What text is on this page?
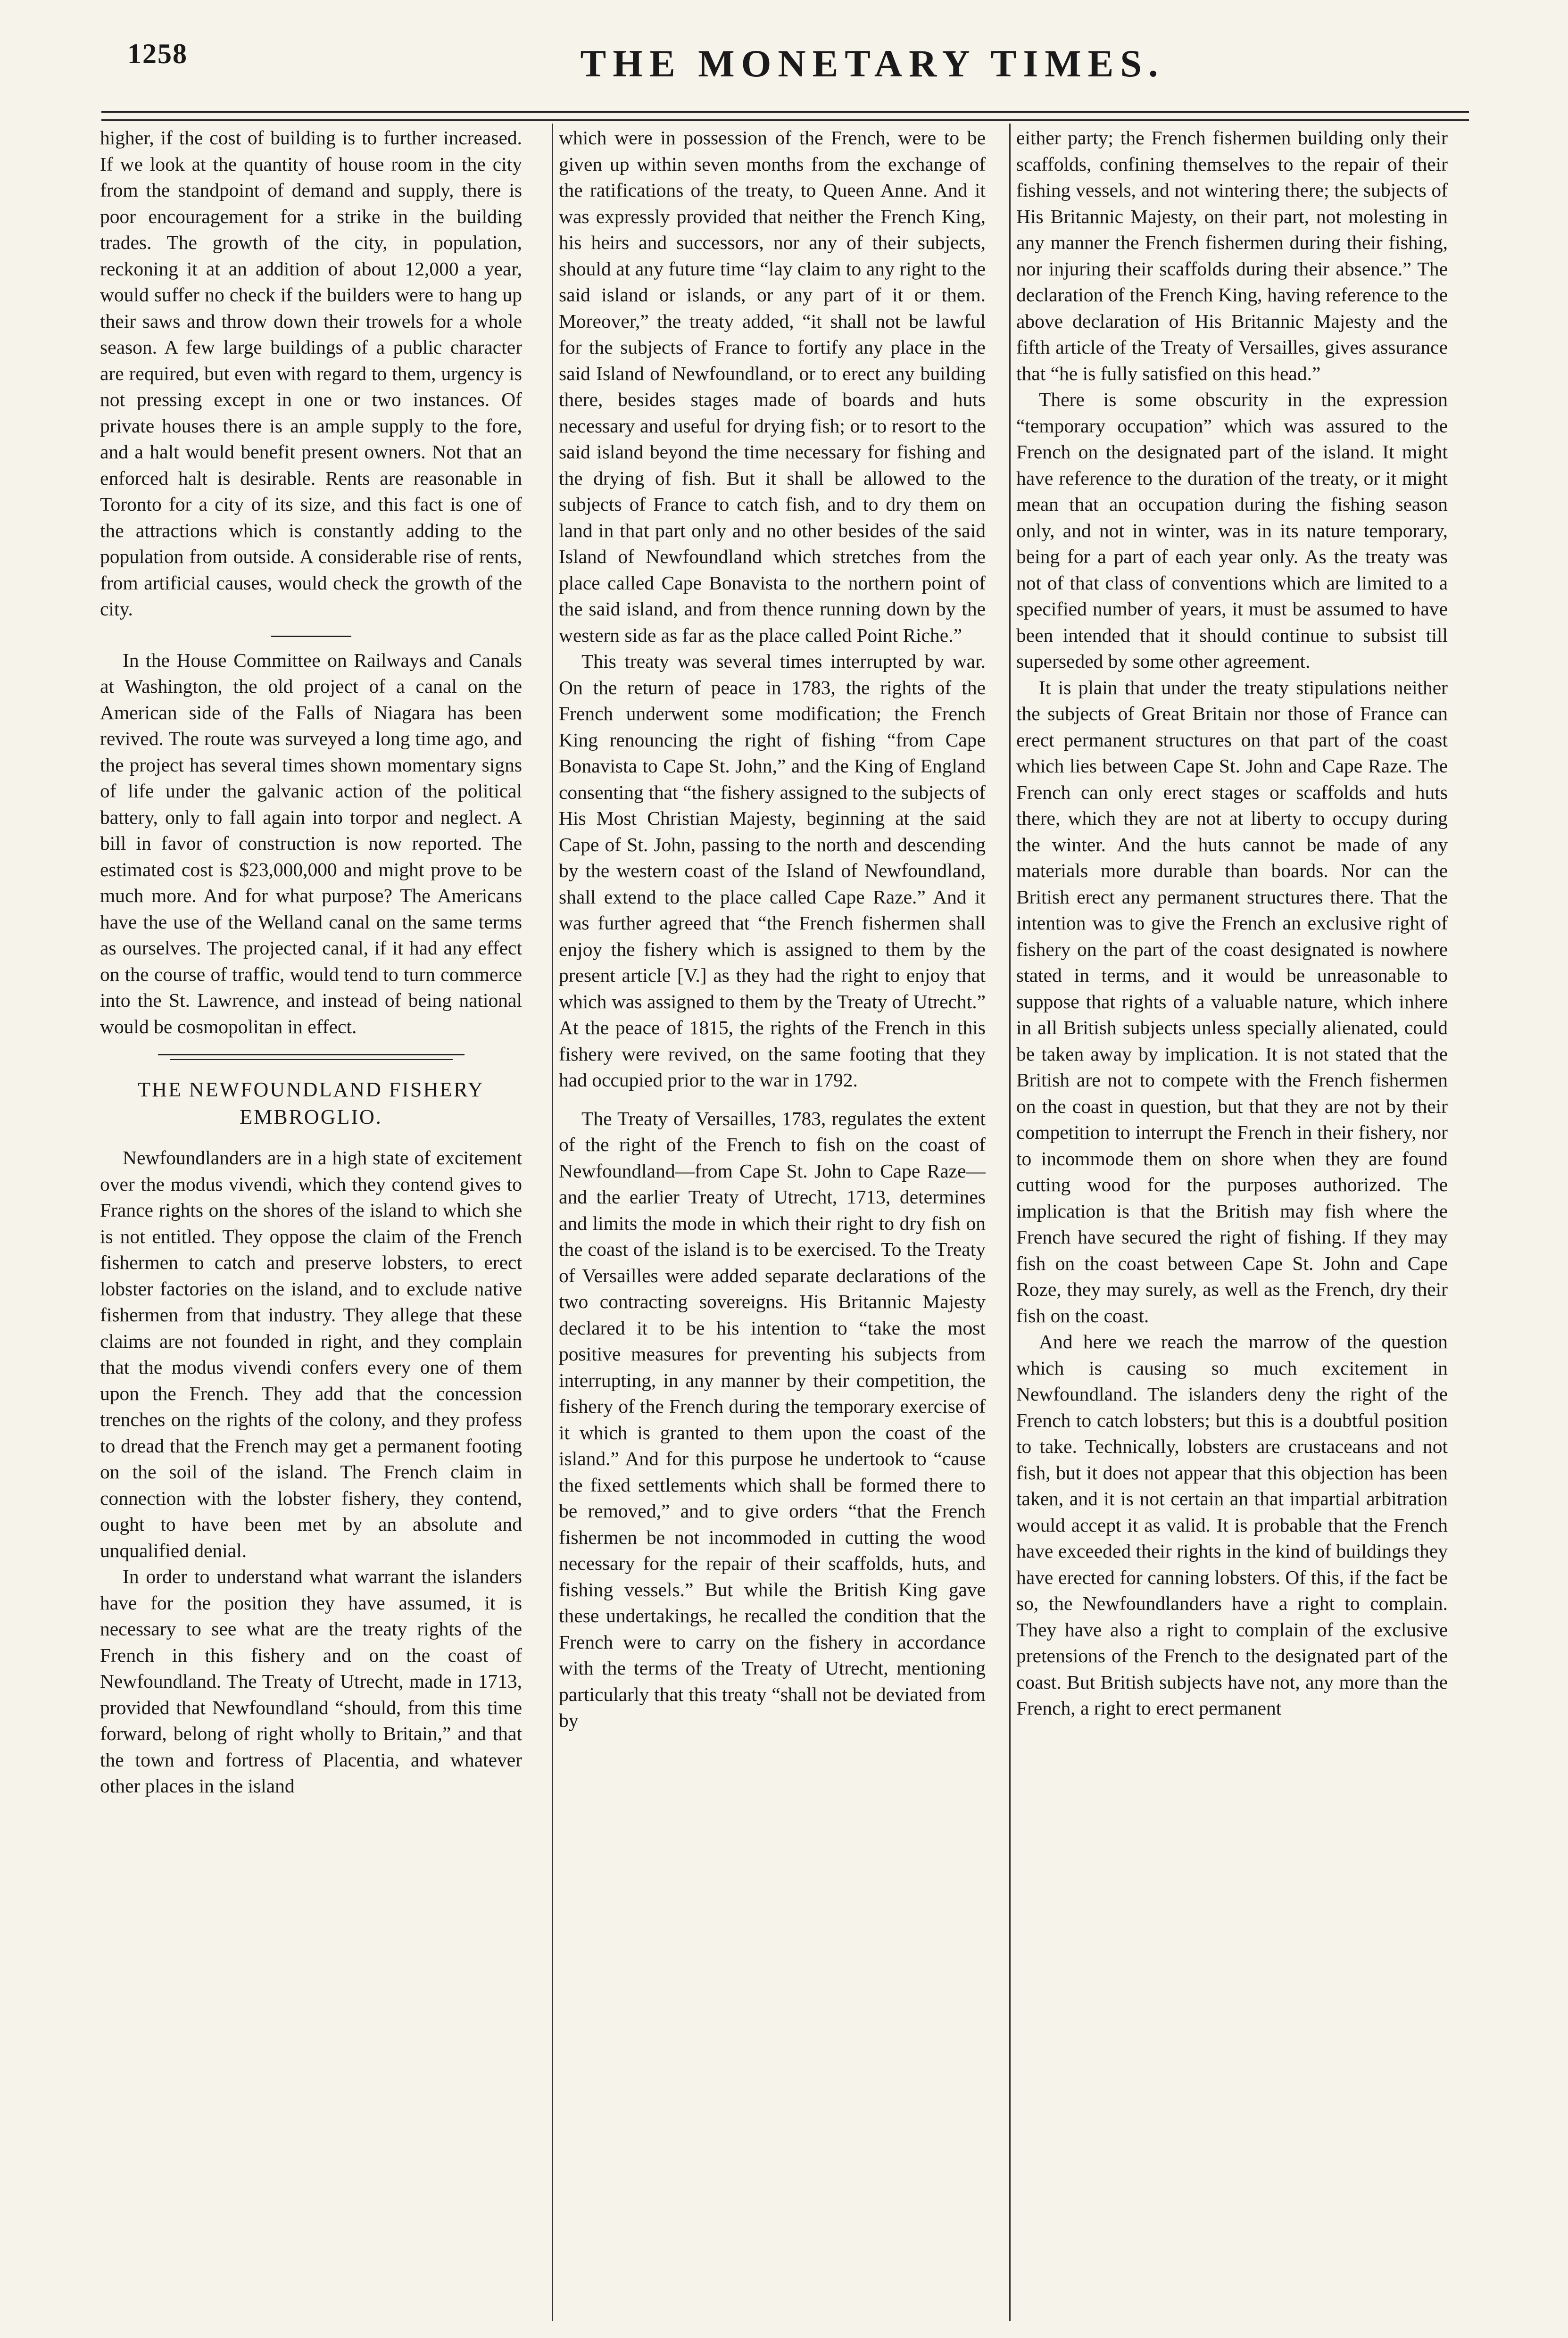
1258	THE MONETARY TIMES.

higher, if the cost of building is to further increased. If we look at the quantity of house room in the city from the standpoint of demand and supply, there is poor encouragement for a strike in the building trades. The growth of the city, in population, reckoning it at an addition of about 12,000 a year, would suffer no check if the builders were to hang up their saws and throw down their trowels for a whole season. A few large buildings of a public character are required, but even with regard to them, urgency is not pressing except in one or two instances. Of private houses there is an ample supply to the fore, and a halt would benefit present owners. Not that an enforced halt is desirable. Rents are reasonable in Toronto for a city of its size, and this fact is one of the attractions which is constantly adding to the population from outside. A considerable rise of rents, from artificial causes, would check the growth of the city.

In the House Committee on Railways and Canals at Washington, the old project of a canal on the American side of the Falls of Niagara has been revived. The route was surveyed a long time ago, and the project has several times shown momentary signs of life under the galvanic action of the political battery, only to fall again into torpor and neglect. A bill in favor of construction is now reported. The estimated cost is $23,000,000 and might prove to be much more. And for what purpose? The Americans have the use of the Welland canal on the same terms as ourselves. The projected canal, if it had any effect on the course of traffic, would tend to turn commerce into the St. Lawrence, and instead of being national would be cosmopolitan in effect.

THE NEWFOUNDLAND FISHERY
EMBROGLIO.

Newfoundlanders are in a high state of excitement over the modus vivendi, which they contend gives to France rights on the shores of the island to which she is not entitled. They oppose the claim of the French fishermen to catch and preserve lobsters, to erect lobster factories on the island, and to exclude native fishermen from that industry. They allege that these claims are not founded in right, and they complain that the modus vivendi confers every one of them upon the French. They add that the concession trenches on the rights of the colony, and they profess to dread that the French may get a permanent footing on the soil of the island. The French claim in connection with the lobster fishery, they contend, ought to have been met by an absolute and unqualified denial.

In order to understand what warrant the islanders have for the position they have assumed, it is necessary to see what are the treaty rights of the French in this fishery and on the coast of Newfoundland. The Treaty of Utrecht, made in 1713, provided that Newfoundland “should, from this time forward, belong of right wholly to Britain,” and that the town and fortress of Placentia, and whatever other places in the island

which were in possession of the French, were to be given up within seven months from the exchange of the ratifications of the treaty, to Queen Anne. And it was expressly provided that neither the French King, his heirs and successors, nor any of their subjects, should at any future time “lay claim to any right to the said island or islands, or any part of it or them. Moreover,” the treaty added, “it shall not be lawful for the subjects of France to fortify any place in the said Island of Newfoundland, or to erect any building there, besides stages made of boards and huts necessary and useful for drying fish; or to resort to the said island beyond the time necessary for fishing and the drying of fish. But it shall be allowed to the subjects of France to catch fish, and to dry them on land in that part only and no other besides of the said Island of Newfoundland which stretches from the place called Cape Bonavista to the northern point of the said island, and from thence running down by the western side as far as the place called Point Riche.”

This treaty was several times interrupted by war. On the return of peace in 1783, the rights of the French underwent some modification; the French King renouncing the right of fishing “from Cape Bonavista to Cape St. John,” and the King of England consenting that “the fishery assigned to the subjects of His Most Christian Majesty, beginning at the said Cape of St. John, passing to the north and descending by the western coast of the Island of Newfoundland, shall extend to the place called Cape Raze.” And it was further agreed that “the French fishermen shall enjoy the fishery which is assigned to them by the present article [V.] as they had the right to enjoy that which was assigned to them by the Treaty of Utrecht.” At the peace of 1815, the rights of the French in this fishery were revived, on the same footing that they had occupied prior to the war in 1792.

The Treaty of Versailles, 1783, regulates the extent of the right of the French to fish on the coast of Newfoundland—from Cape St. John to Cape Raze—and the earlier Treaty of Utrecht, 1713, determines and limits the mode in which their right to dry fish on the coast of the island is to be exercised. To the Treaty of Versailles were added separate declarations of the two contracting sovereigns. His Britannic Majesty declared it to be his intention to “take the most positive measures for preventing his subjects from interrupting, in any manner by their competition, the fishery of the French during the temporary exercise of it which is granted to them upon the coast of the island.” And for this purpose he undertook to “cause the fixed settlements which shall be formed there to be removed,” and to give orders “that the French fishermen be not incommoded in cutting the wood necessary for the repair of their scaffolds, huts, and fishing vessels.” But while the British King gave these undertakings, he recalled the condition that the French were to carry on the fishery in accordance with the terms of the Treaty of Utrecht, mentioning particularly that this treaty “shall not be deviated from by

either party; the French fishermen building only their scaffolds, confining themselves to the repair of their fishing vessels, and not wintering there; the subjects of His Britannic Majesty, on their part, not molesting in any manner the French fishermen during their fishing, nor injuring their scaffolds during their absence.” The declaration of the French King, having reference to the above declaration of His Britannic Majesty and the fifth article of the Treaty of Versailles, gives assurance that “he is fully satisfied on this head.”

There is some obscurity in the expression “temporary occupation” which was assured to the French on the designated part of the island. It might have reference to the duration of the treaty, or it might mean that an occupation during the fishing season only, and not in winter, was in its nature temporary, being for a part of each year only. As the treaty was not of that class of conventions which are limited to a specified number of years, it must be assumed to have been intended that it should continue to subsist till superseded by some other agreement.

It is plain that under the treaty stipulations neither the subjects of Great Britain nor those of France can erect permanent structures on that part of the coast which lies between Cape St. John and Cape Raze. The French can only erect stages or scaffolds and huts there, which they are not at liberty to occupy during the winter. And the huts cannot be made of any materials more durable than boards. Nor can the British erect any permanent structures there. That the intention was to give the French an exclusive right of fishery on the part of the coast designated is nowhere stated in terms, and it would be unreasonable to suppose that rights of a valuable nature, which inhere in all British subjects unless specially alienated, could be taken away by implication. It is not stated that the British are not to compete with the French fishermen on the coast in question, but that they are not by their competition to interrupt the French in their fishery, nor to incommode them on shore when they are found cutting wood for the purposes authorized. The implication is that the British may fish where the French have secured the right of fishing. If they may fish on the coast between Cape St. John and Cape Roze, they may surely, as well as the French, dry their fish on the coast.

And here we reach the marrow of the question which is causing so much excitement in Newfoundland. The islanders deny the right of the French to catch lobsters; but this is a doubtful position to take. Technically, lobsters are crustaceans and not fish, but it does not appear that this objection has been taken, and it is not certain an that impartial arbitration would accept it as valid. It is probable that the French have exceeded their rights in the kind of buildings they have erected for canning lobsters. Of this, if the fact be so, the Newfoundlanders have a right to complain. They have also a right to complain of the exclusive pretensions of the French to the designated part of the coast. But British subjects have not, any more than the French, a right to erect permanent
